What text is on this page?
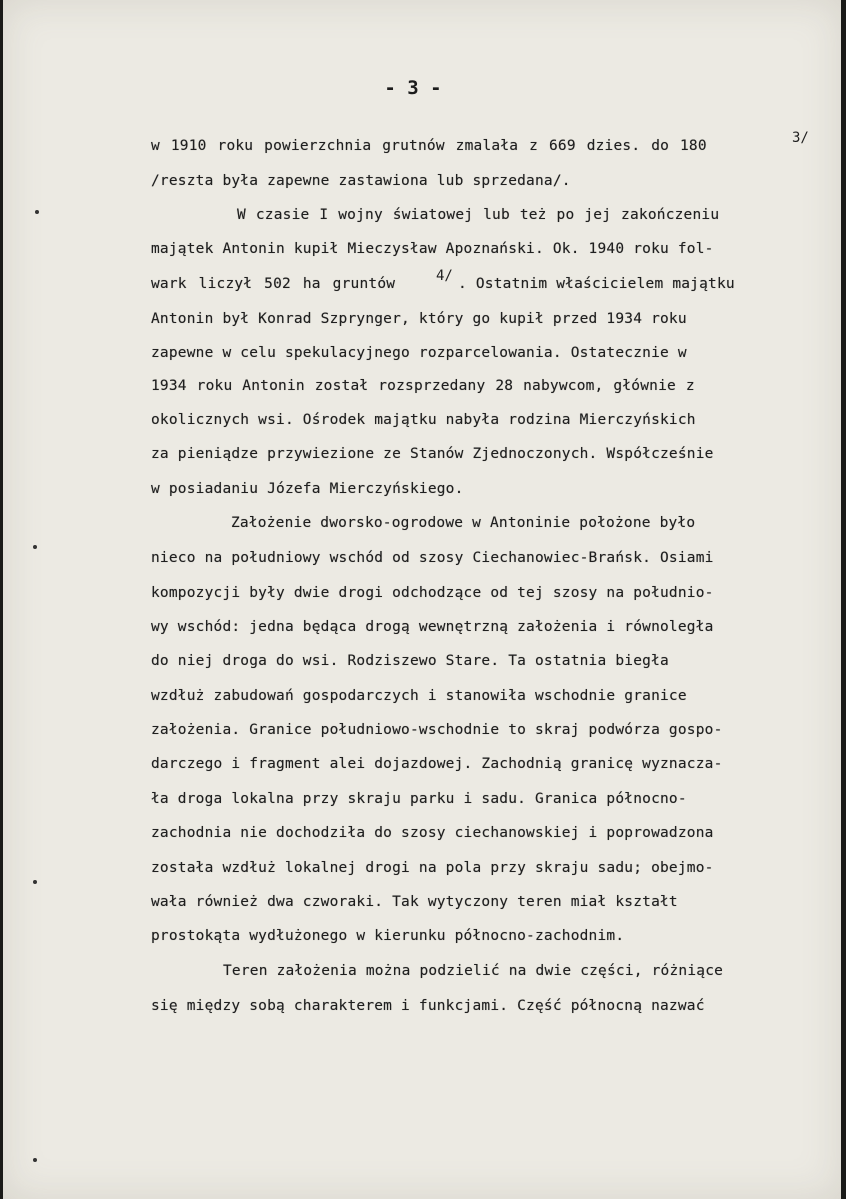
- 3 -
w 1910 roku powierzchnia grutnów zmalała z 669 dzies. do 180	3/
/reszta była zapewne zastawiona lub sprzedana/.
W czasie I wojny światowej lub też po jej zakończeniu
majątek Antonin kupił Mieczysław Apoznański. Ok. 1940 roku fol-
wark liczył 502 ha gruntów	4/ . Ostatnim właścicielem majątku
Antonin był Konrad Szprynger, który go kupił przed 1934 roku
zapewne w celu spekulacyjnego rozparcelowania. Ostatecznie w
1934 roku Antonin został rozsprzedany 28 nabywcom, głównie z
okolicznych wsi. Ośrodek majątku nabyła rodzina Mierczyńskich
za pieniądze przywiezione ze Stanów Zjednoczonych. Współcześnie
w posiadaniu Józefa Mierczyńskiego.
Założenie dworsko-ogrodowe w Antoninie położone było
nieco na południowy wschód od szosy Ciechanowiec-Brańsk. Osiami
kompozycji były dwie drogi odchodzące od tej szosy na południo-
wy wschód: jedna będąca drogą wewnętrzną założenia i równoległa
do niej droga do wsi. Rodziszewo Stare. Ta ostatnia biegła
wzdłuż zabudowań gospodarczych i stanowiła wschodnie granice
założenia. Granice południowo-wschodnie to skraj podwórza gospo-
darczego i fragment alei dojazdowej. Zachodnią granicę wyznacza-
ła droga lokalna przy skraju parku i sadu. Granica północno-
zachodnia nie dochodziła do szosy ciechanowskiej i poprowadzona
została wzdłuż lokalnej drogi na pola przy skraju sadu; obejmo-
wała również dwa czworaki. Tak wytyczony teren miał kształt
prostokąta wydłużonego w kierunku północno-zachodnim.
Teren założenia można podzielić na dwie części, różniące
się między sobą charakterem i funkcjami. Część północną nazwać
